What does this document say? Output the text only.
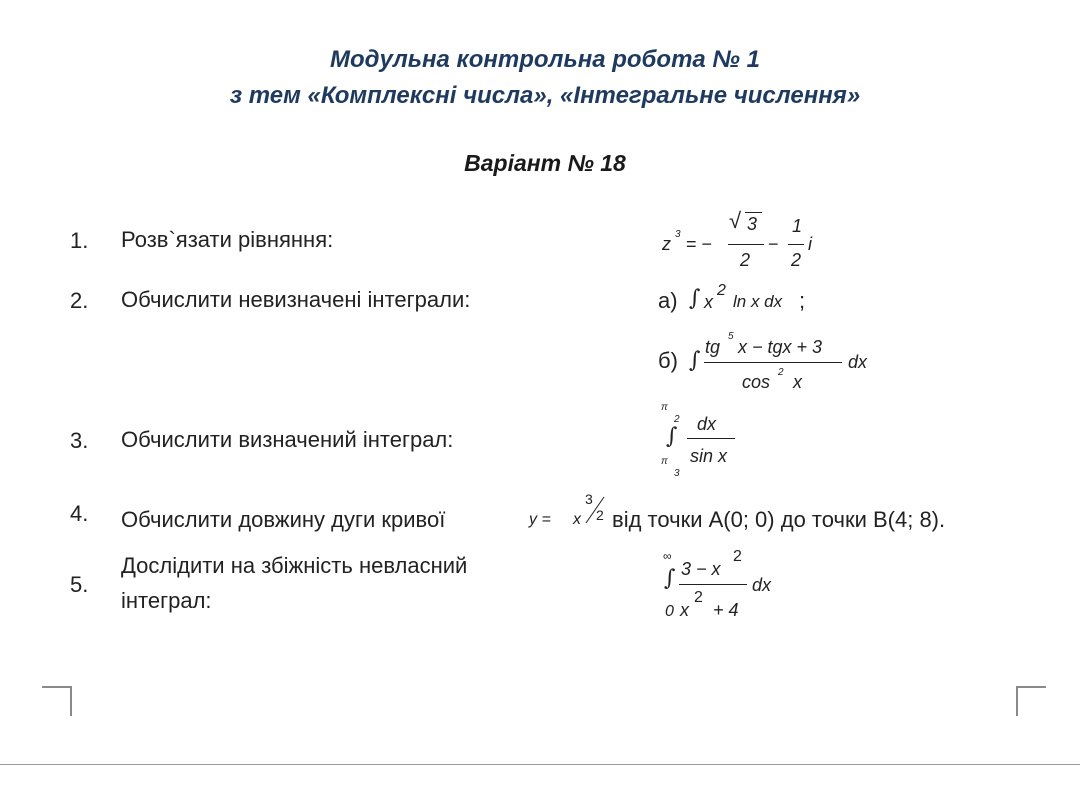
Модульна контрольна робота № 1
з тем «Комплексні числа», «Інтегральне числення»
Варіант № 18
1. Розв`язати рівняння:	z 3 = −
√ 3
2
−
1
2
i
2. Обчислити невизначені інтеграли:	а) ∫ x
2
ln x dx ;
б) ∫
tg
5
x − tgx + 3
cos 2 x
dx
3. Обчислити визначений інтеграл:
π
2
∫
π
3
dx
sin x
4. Обчислити довжину дуги кривої	y = x
3
2 від точки A(0; 0) до точки B(4; 8).
5.
Дослідити на збіжність невласний
інтеграл:
∞
∫
0
3 − x
2
x
2
+ 4
dx
